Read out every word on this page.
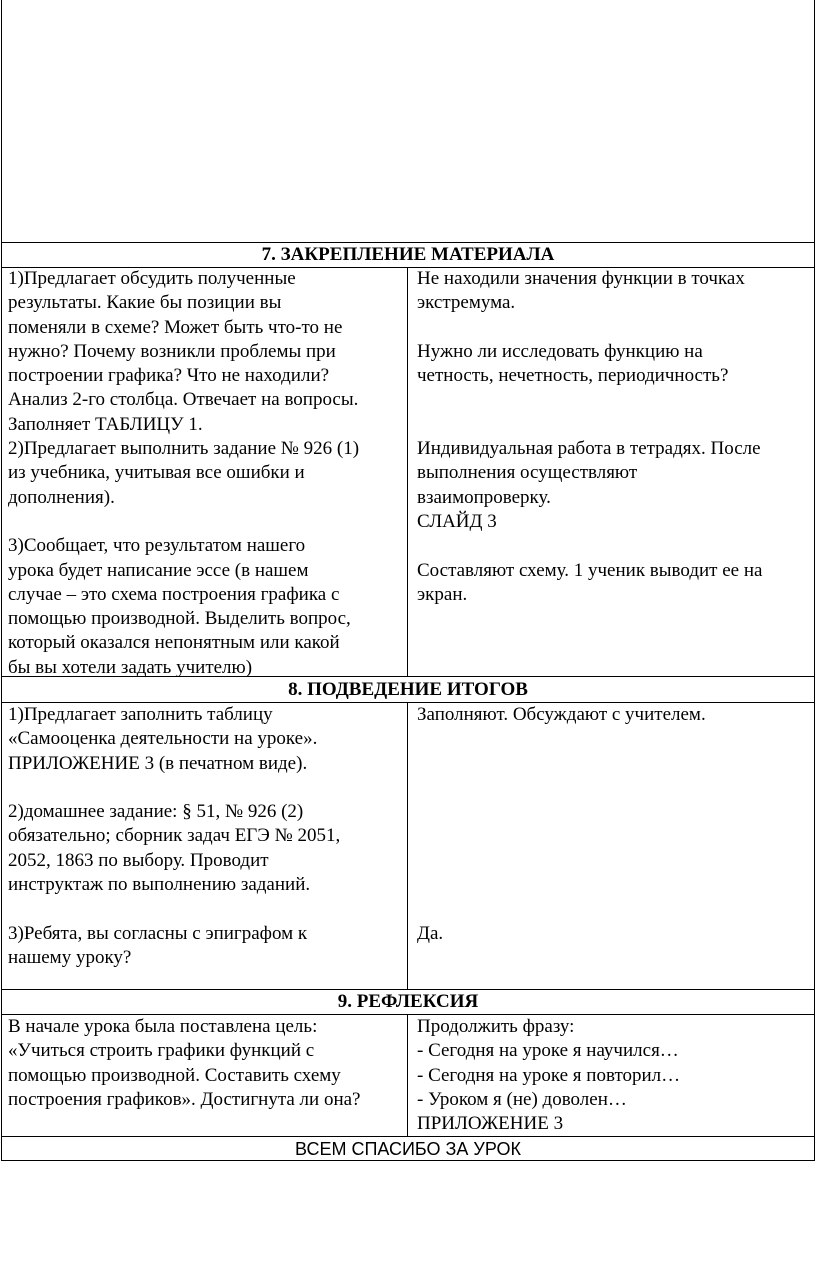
7. ЗАКРЕПЛЕНИЕ МАТЕРИАЛА
1)Предлагает обсудить полученные
результаты. Какие бы позиции вы
поменяли в схеме? Может быть что-то не
нужно? Почему возникли проблемы при
построении графика? Что не находили?
Анализ 2-го столбца. Отвечает на вопросы.
Заполняет ТАБЛИЦУ 1.
2)Предлагает выполнить задание № 926 (1)
из учебника, учитывая все ошибки и
дополнения).

3)Сообщает, что результатом нашего
урока будет написание эссе (в нашем
случае – это схема построения графика с
помощью производной. Выделить вопрос,
который оказался непонятным или какой
бы вы хотели задать учителю)
Не находили значения функции в точках
экстремума.

Нужно ли исследовать функцию на
четность, нечетность, периодичность?

Индивидуальная работа в тетрадях. После
выполнения осуществляют
взаимопроверку.
СЛАЙД 3

Составляют схему. 1 ученик выводит ее на
экран.
8. ПОДВЕДЕНИЕ ИТОГОВ
1)Предлагает заполнить таблицу
«Самооценка деятельности на уроке».
ПРИЛОЖЕНИЕ 3 (в печатном виде).

2)домашнее задание: § 51, № 926 (2)
обязательно; сборник задач ЕГЭ № 2051,
2052, 1863 по выбору. Проводит
инструктаж по выполнению заданий.

3)Ребята, вы согласны с эпиграфом к
нашему уроку?
Заполняют. Обсуждают с учителем.

Да.
9. РЕФЛЕКСИЯ
В начале урока была поставлена цель:
«Учиться строить графики функций с
помощью производной. Составить схему
построения графиков». Достигнута ли она?
Продолжить фразу:
- Сегодня на уроке я научился…
- Сегодня на уроке я повторил…
- Уроком я (не) доволен…
ПРИЛОЖЕНИЕ 3
ВСЕМ СПАСИБО ЗА УРОК
